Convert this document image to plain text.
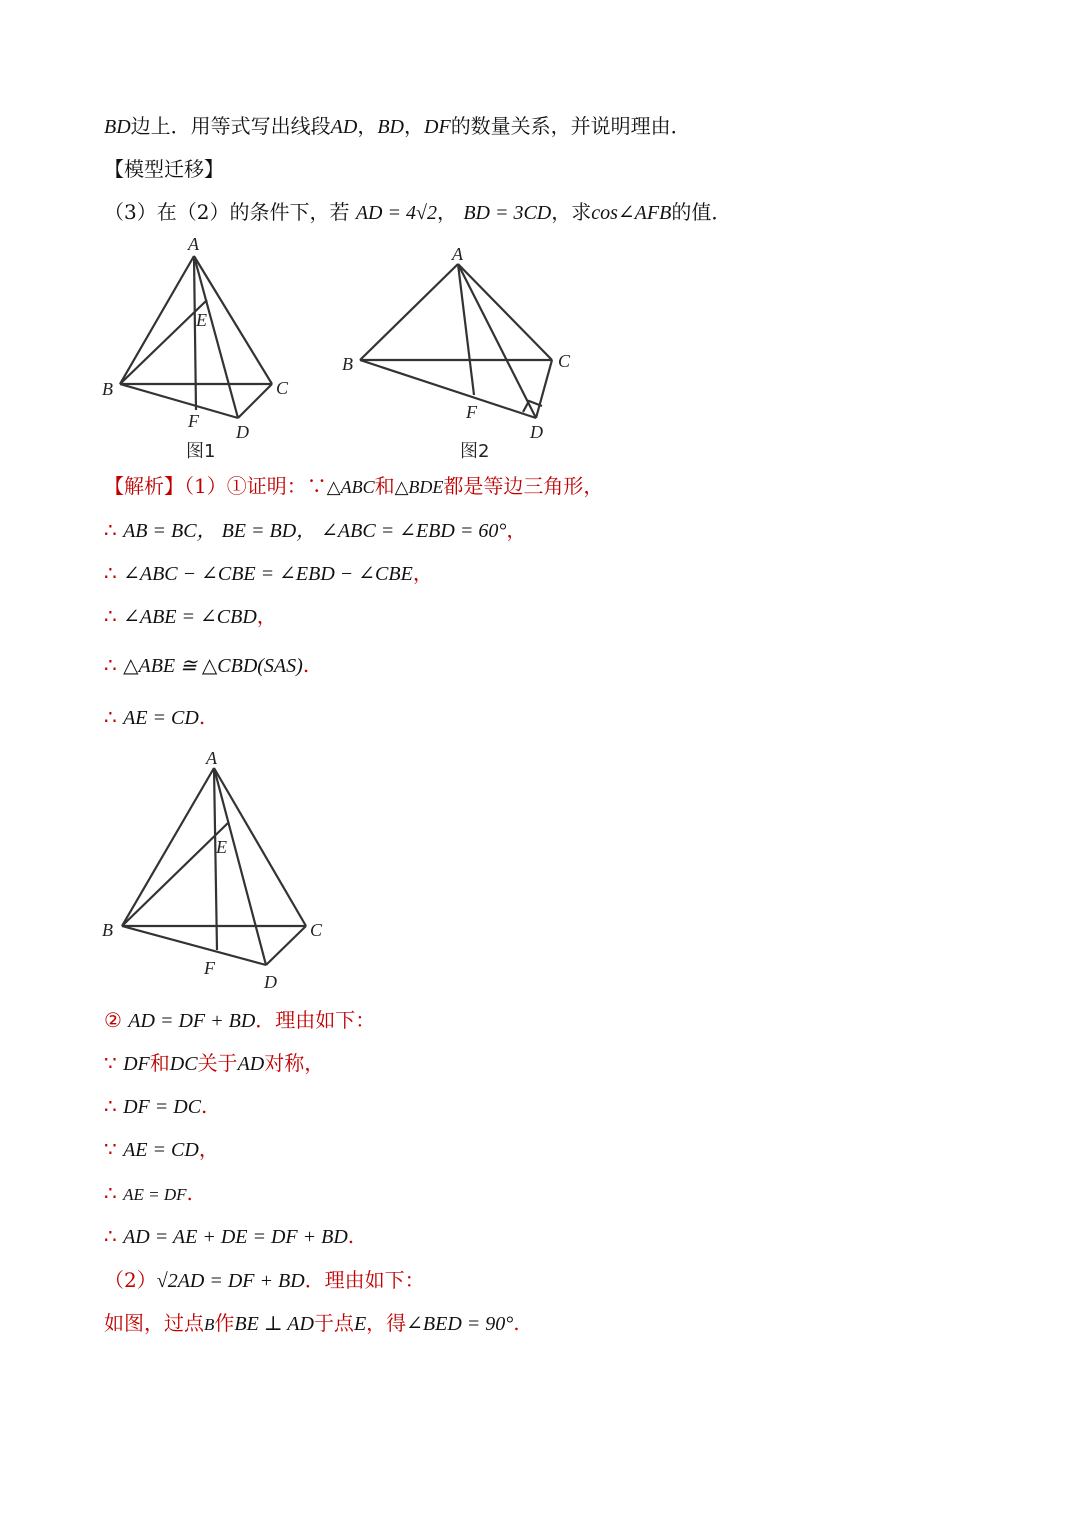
BD边上．用等式写出线段AD，BD，DF的数量关系，并说明理由．
【模型迁移】
（3）在（2）的条件下，若 AD = 4√2， BD = 3CD，求cos∠AFB的值．
A
E
B	C
F
D
图1
A
B	C
F
D
图2
【解析】（1）①证明：∵△ABC和△BDE都是等边三角形，
∴ AB = BC， BE = BD， ∠ABC = ∠EBD = 60°，
∴ ∠ABC − ∠CBE = ∠EBD − ∠CBE，
∴ ∠ABE = ∠CBD，
∴ △ABE ≅ △CBD(SAS).
∴ AE = CD.
A
E
B	C
F
D
② AD = DF + BD．理由如下：
∵ DF和DC关于AD对称，
∴ DF = DC.
∵ AE = CD，
∴ AE = DF.
∴ AD = AE + DE = DF + BD.
（2）√2AD = DF + BD．理由如下：
如图，过点B作BE ⊥ AD于点E，得∠BED = 90°.
